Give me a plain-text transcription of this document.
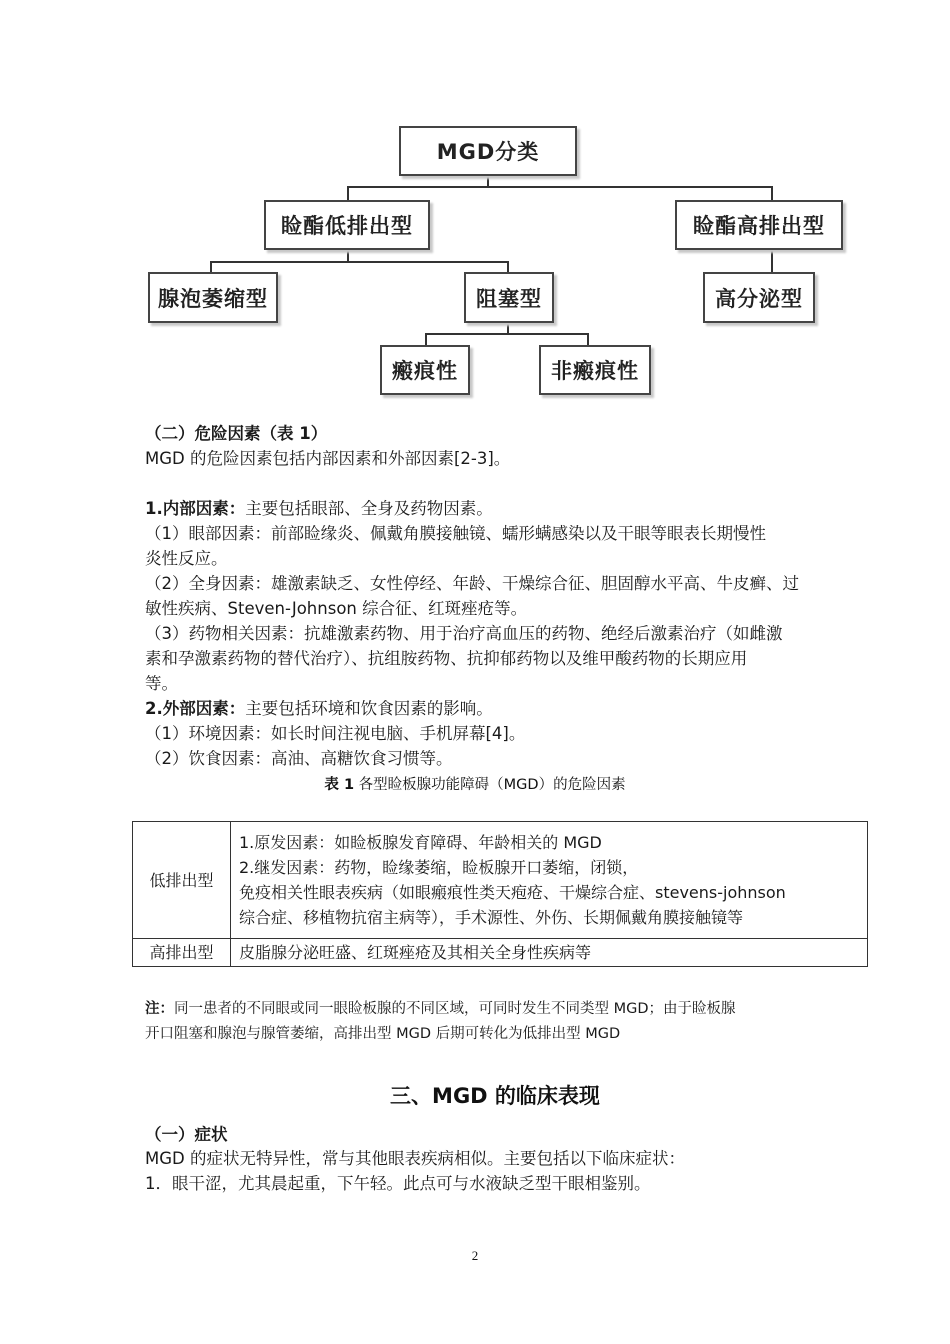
MGD分类
睑酯低排出型	睑酯高排出型
腺泡萎缩型	阻塞型	高分泌型
瘢痕性	非瘢痕性
（二）危险因素（表 1）
MGD 的危险因素包括内部因素和外部因素[2-3]。
1.内部因素：主要包括眼部、全身及药物因素。
（1）眼部因素：前部睑缘炎、佩戴角膜接触镜、蠕形螨感染以及干眼等眼表长期慢性
炎性反应。
（2）全身因素：雄激素缺乏、女性停经、年龄、干燥综合征、胆固醇水平高、牛皮癣、过
敏性疾病、Steven-Johnson 综合征、红斑痤疮等。
（3）药物相关因素：抗雄激素药物、用于治疗高血压的药物、绝经后激素治疗（如雌激
素和孕激素药物的替代治疗）、抗组胺药物、抗抑郁药物以及维甲酸药物的长期应用
等。
2.外部因素：主要包括环境和饮食因素的影响。
（1）环境因素：如长时间注视电脑、手机屏幕[4]。
（2）饮食因素：高油、高糖饮食习惯等。
表 1 各型睑板腺功能障碍（MGD）的危险因素
低排出型	1.原发因素：如睑板腺发育障碍、年龄相关的 MGD
2.继发因素：药物，睑缘萎缩，睑板腺开口萎缩，闭锁，
免疫相关性眼表疾病（如眼瘢痕性类天疱疮、干燥综合症、stevens-johnson
综合症、移植物抗宿主病等），手术源性、外伤、长期佩戴角膜接触镜等

高排出型	皮脂腺分泌旺盛、红斑痤疮及其相关全身性疾病等
注：同一患者的不同眼或同一眼睑板腺的不同区域，可同时发生不同类型 MGD；由于睑板腺
开口阻塞和腺泡与腺管萎缩，高排出型 MGD 后期可转化为低排出型 MGD
三、MGD 的临床表现
（一）症状
MGD 的症状无特异性，常与其他眼表疾病相似。主要包括以下临床症状：
1．眼干涩，尤其晨起重，下午轻。此点可与水液缺乏型干眼相鉴别。
2
